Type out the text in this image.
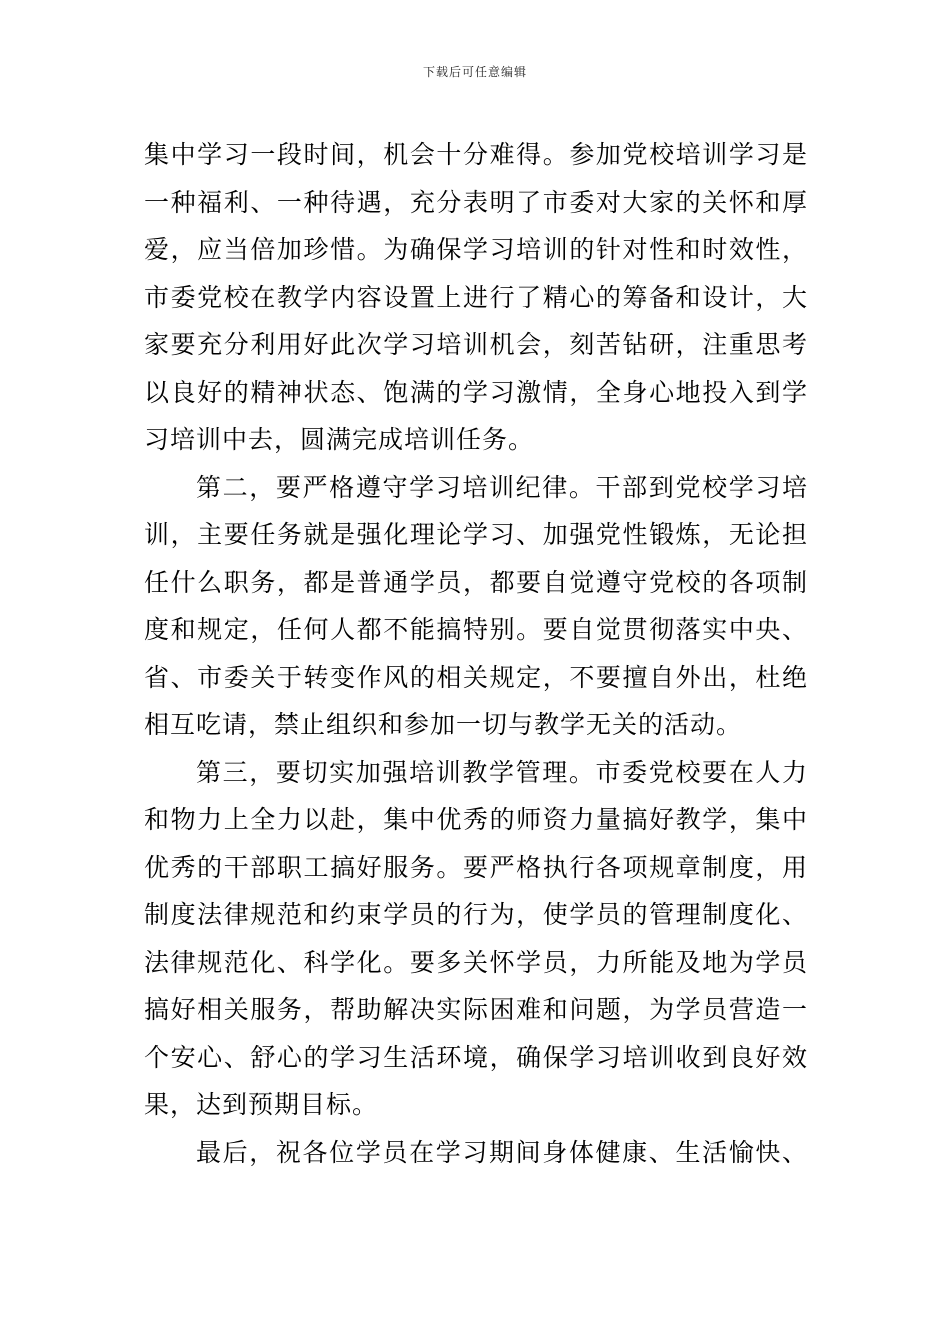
下载后可任意编辑
集中学习一段时间，机会十分难得。参加党校培训学习是
一种福利、一种待遇，充分表明了市委对大家的关怀和厚
爱，应当倍加珍惜。为确保学习培训的针对性和时效性，
市委党校在教学内容设置上进行了精心的筹备和设计，大
家要充分利用好此次学习培训机会，刻苦钻研，注重思考
以良好的精神状态、饱满的学习激情，全身心地投入到学
习培训中去，圆满完成培训任务。
第二，要严格遵守学习培训纪律。干部到党校学习培
训，主要任务就是强化理论学习、加强党性锻炼，无论担
任什么职务，都是普通学员，都要自觉遵守党校的各项制
度和规定，任何人都不能搞特别。要自觉贯彻落实中央、
省、市委关于转变作风的相关规定，不要擅自外出，杜绝
相互吃请，禁止组织和参加一切与教学无关的活动。
第三，要切实加强培训教学管理。市委党校要在人力
和物力上全力以赴，集中优秀的师资力量搞好教学，集中
优秀的干部职工搞好服务。要严格执行各项规章制度，用
制度法律规范和约束学员的行为，使学员的管理制度化、
法律规范化、科学化。要多关怀学员，力所能及地为学员
搞好相关服务，帮助解决实际困难和问题，为学员营造一
个安心、舒心的学习生活环境，确保学习培训收到良好效
果，达到预期目标。
最后，祝各位学员在学习期间身体健康、生活愉快、
